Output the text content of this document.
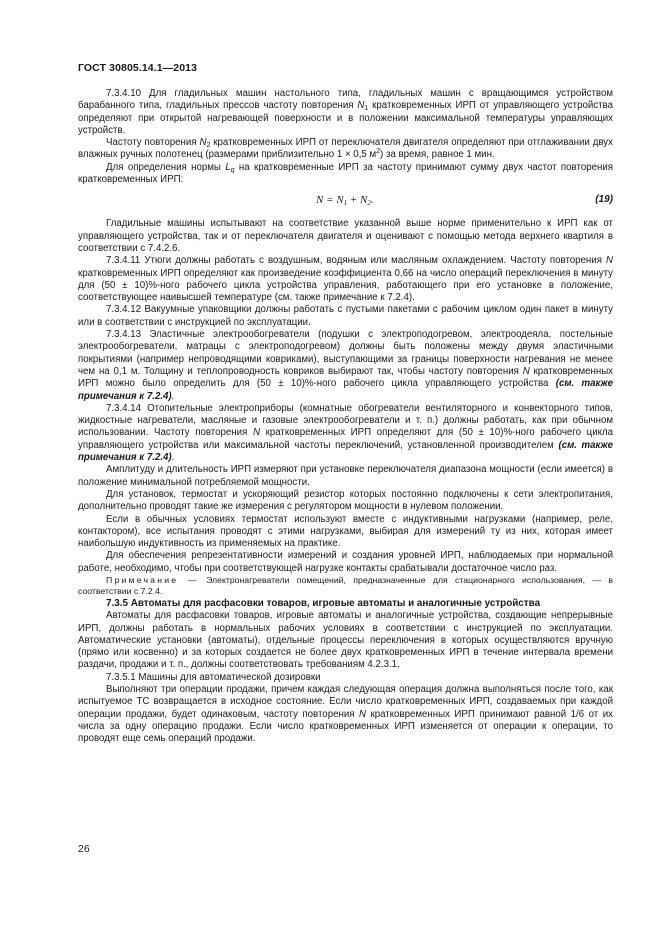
ГОСТ 30805.14.1—2013

7.3.4.10 Для гладильных машин настольного типа, гладильных машин с вращающимся устройством барабанного типа, гладильных прессов частоту повторения $N_1$ кратковременных ИРП от управляющего устройства определяют при открытой нагревающей поверхности и в положении максимальной температуры управляющих устройств.

Частоту повторения $N_2$ кратковременных ИРП от переключателя двигателя определяют при отглаживании двух влажных ручных полотенец (размерами приблизительно 1 × 0,5 $м^2$) за время, равное 1 мин.

Для определения нормы $L_q$ на кратковременные ИРП за частоту принимают сумму двух частот повторения кратковременных ИРП:

$N = N_1 + N_2$.	(19)

Гладильные машины испытывают на соответствие указанной выше норме применительно к ИРП как от управляющего устройства, так и от переключателя двигателя и оценивают с помощью метода верхнего квартиля в соответствии с 7.4.2.6.

7.3.4.11 Утюги должны работать с воздушным, водяным или масляным охлаждением. Частоту повторения N кратковременных ИРП определяют как произведение коэффициента 0,66 на число операций переключения в минуту для (50 ± 10)%-ного рабочего цикла устройства управления, работающего при его установке в положение, соответствующее наивысшей температуре (см. также примечание к 7.2.4).

7.3.4.12 Вакуумные упаковщики должны работать с пустыми пакетами с рабочим циклом один пакет в минуту или в соответствии с инструкцией по эксплуатации.

7.3.4.13 Эластичные электрообогреватели (подушки с электроподогревом, электроодеяла, постельные электрообогреватели, матрацы с электроподогревом) должны быть положены между двумя эластичными покрытиями (например непроводящими ковриками), выступающими за границы поверхности нагревания не менее чем на 0,1 м. Толщину и теплопроводность ковриков выбирают так, чтобы частоту повторения N кратковременных ИРП можно было определить для (50 ± 10)%-ного рабочего цикла управляющего устройства (см. также примечания к 7.2.4).

7.3.4.14 Отопительные электроприборы (комнатные обогреватели вентиляторного и конвекторного типов, жидкостные нагреватели, масляные и газовые электрообогреватели и т. п.) должны работать, как при обычном использовании. Частоту повторения N кратковременных ИРП определяют для (50 ± 10)%-ного рабочего цикла управляющего устройства или максимальной частоты переключений, установленной производителем (см. также примечания к 7.2.4).

Амплитуду и длительность ИРП измеряют при установке переключателя диапазона мощности (если имеется) в положение минимальной потребляемой мощности.

Для установок, термостат и ускоряющий резистор которых постоянно подключены к сети электропитания, дополнительно проводят такие же измерения с регулятором мощности в нулевом положении.

Если в обычных условиях термостат используют вместе с индуктивными нагрузками (например, реле, контактором), все испытания проводят с этими нагрузками, выбирая для измерений ту из них, которая имеет наибольшую индуктивность из применяемых на практике.

Для обеспечения репрезентативности измерений и создания уровней ИРП, наблюдаемых при нормальной работе, необходимо, чтобы при соответствующей нагрузке контакты срабатывали достаточное число раз.

Примечание — Электронагреватели помещений, предназначенные для стационарного использования, — в соответствии с 7.2.4.

7.3.5 Автоматы для расфасовки товаров, игровые автоматы и аналогичные устройства

Автоматы для расфасовки товаров, игровые автоматы и аналогичные устройства, создающие непрерывные ИРП, должны работать в нормальных рабочих условиях в соответствии с инструкцией по эксплуатации. Автоматические установки (автоматы), отдельные процессы переключения в которых осуществляются вручную (прямо или косвенно) и за которых создается не более двух кратковременных ИРП в течение интервала времени раздачи, продажи и т. п., должны соответствовать требованиям 4.2.3.1.

7.3.5.1 Машины для автоматической дозировки

Выполняют три операции продажи, причем каждая следующая операция должна выполняться после того, как испытуемое ТС возвращается в исходное состояние. Если число кратковременных ИРП, создаваемых при каждой операции продажи, будет одинаковым, частоту повторения N кратковременных ИРП принимают равной 1/6 от их числа за одну операцию продажи. Если число кратковременных ИРП изменяется от операции к операции, то проводят еще семь операций продажи.

26
